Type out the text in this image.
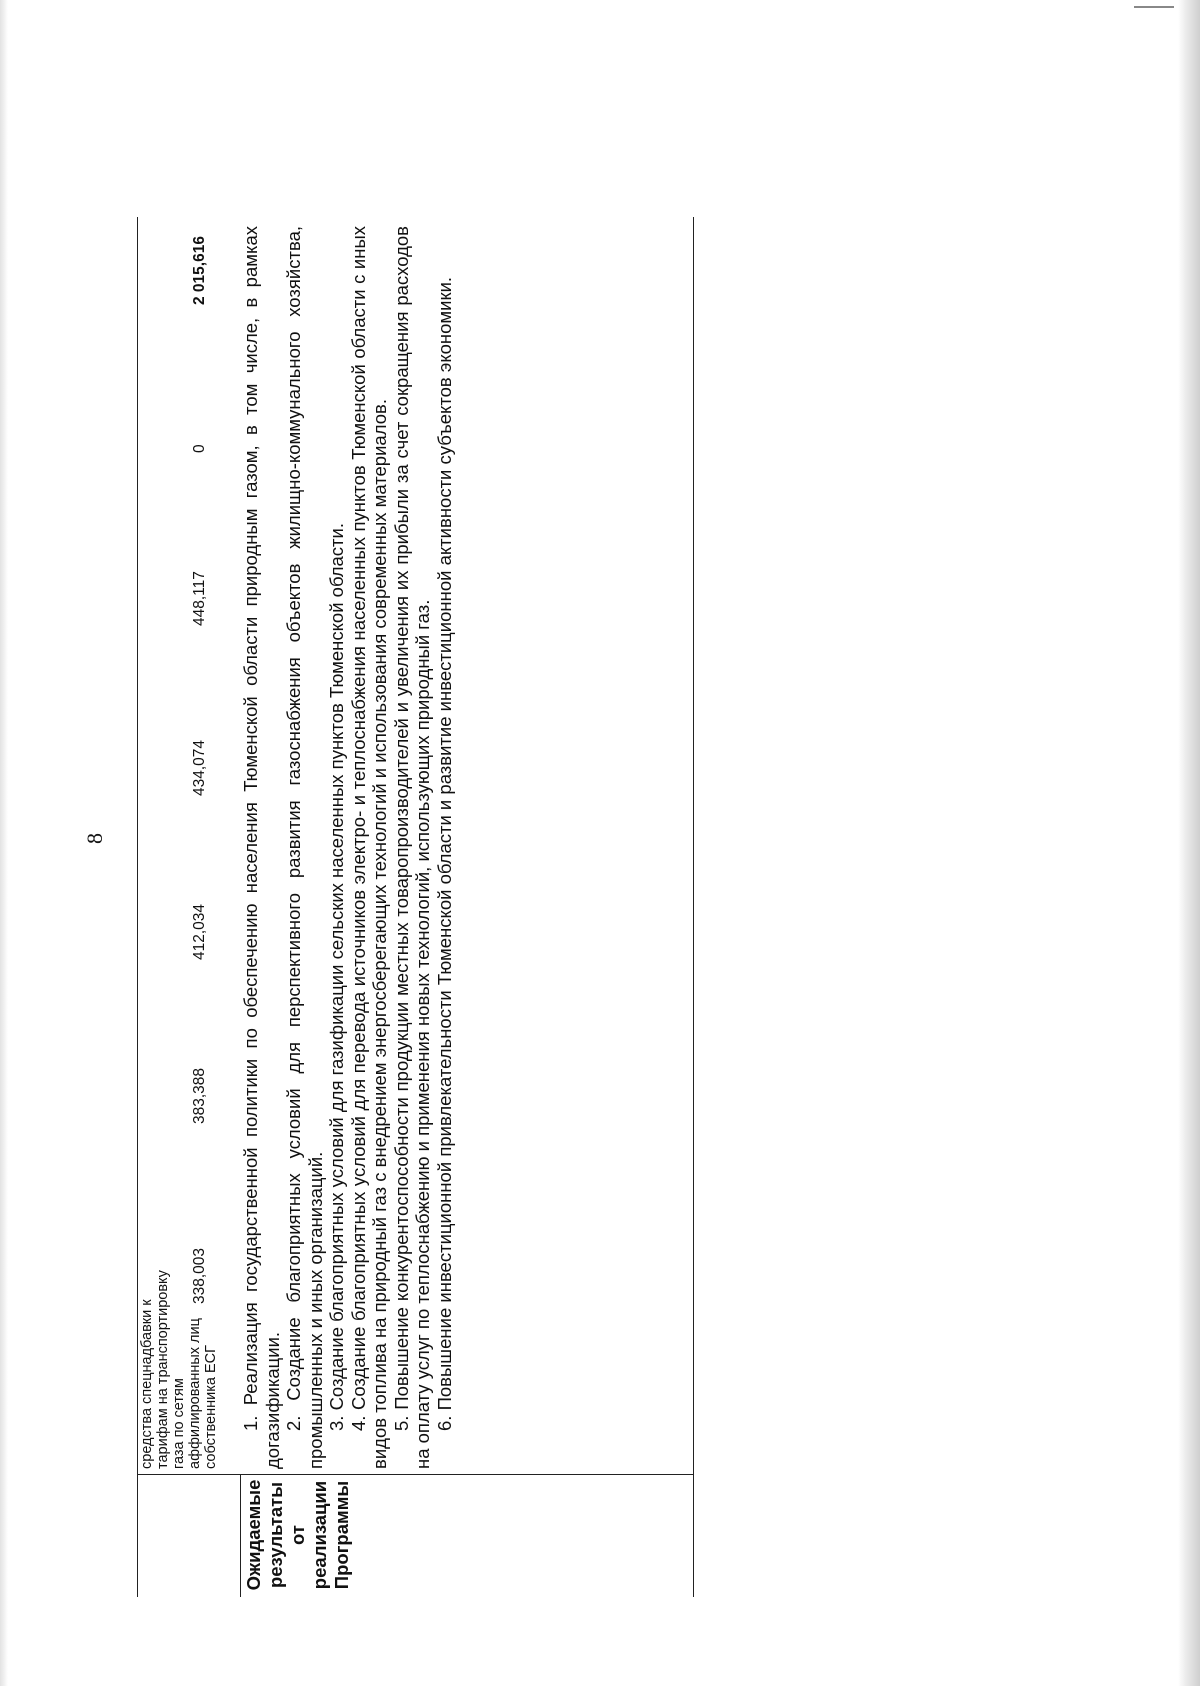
8
средства спецнадбавки к тарифам на транспортировку газа по сетям аффилированных лиц собственника ЕСГ
338,003
383,388
412,034
434,074
448,117
0
2 015,616
Ожидаемые результаты от реализации Программы

1. Реализация государственной политики по обеспечению населения Тюменской области природным газом, в том числе, в рамках догазификации. 2. Создание благоприятных условий для перспективного развития газоснабжения объектов жилищно-коммунального хозяйства, промышленных и иных организаций. 3. Создание благоприятных условий для газификации сельских населенных пунктов Тюменской области. 4. Создание благоприятных условий для перевода источников электро- и теплоснабжения населенных пунктов Тюменской области с иных видов топлива на природный газ с внедрением энергосберегающих технологий и использования современных материалов. 5. Повышение конкурентоспособности продукции местных товаропроизводителей и увеличения их прибыли за счет сокращения расходов на оплату услуг по теплоснабжению и применения новых технологий, использующих природный газ. 6. Повышение инвестиционной привлекательности Тюменской области и развитие инвестиционной активности субъектов экономики.
